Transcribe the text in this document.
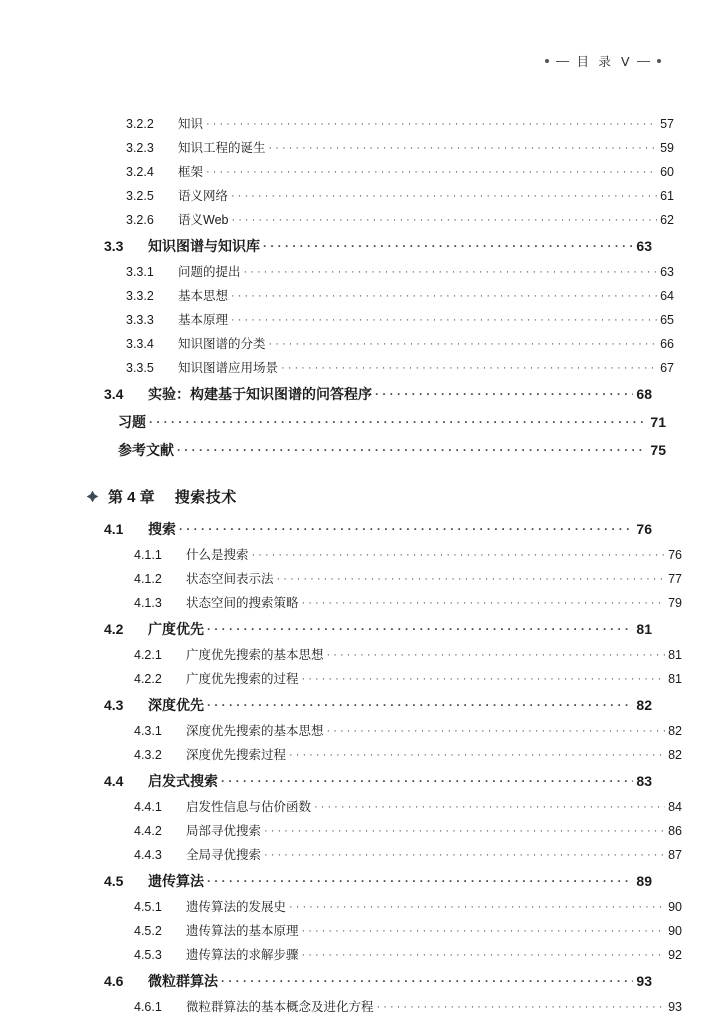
目 录 Ⅴ
3.2.2	知识 · · ·	57
3.2.3	知识工程的诞生 · · ·	59
3.2.4	框架 · · ·	60
3.2.5	语义网络 · · ·	61
3.2.6	语义Web · · ·	62
3.3	知识图谱与知识库 · · ·	63
3.3.1	问题的提出 · · ·	63
3.3.2	基本思想 · · ·	64
3.3.3	基本原理 · · ·	65
3.3.4	知识图谱的分类 · · ·	66
3.3.5	知识图谱应用场景 · · ·	67
3.4	实验：构建基于知识图谱的问答程序 · · ·	68
习题 · · ·	71
参考文献 · · ·	75
第 4 章 搜索技术
4.1	搜索 · · ·	76
4.1.1	什么是搜索 · · ·	76
4.1.2	状态空间表示法 · · ·	77
4.1.3	状态空间的搜索策略 · · ·	79
4.2	广度优先 · · ·	81
4.2.1	广度优先搜索的基本思想 · · ·	81
4.2.2	广度优先搜索的过程 · · ·	81
4.3	深度优先 · · ·	82
4.3.1	深度优先搜索的基本思想 · · ·	82
4.3.2	深度优先搜索过程 · · ·	82
4.4	启发式搜索 · · ·	83
4.4.1	启发性信息与估价函数 · · ·	84
4.4.2	局部寻优搜索 · · ·	86
4.4.3	全局寻优搜索 · · ·	87
4.5	遗传算法 · · ·	89
4.5.1	遗传算法的发展史 · · ·	90
4.5.2	遗传算法的基本原理 · · ·	90
4.5.3	遗传算法的求解步骤 · · ·	92
4.6	微粒群算法 · · ·	93
4.6.1	微粒群算法的基本概念及进化方程 · · ·	93
